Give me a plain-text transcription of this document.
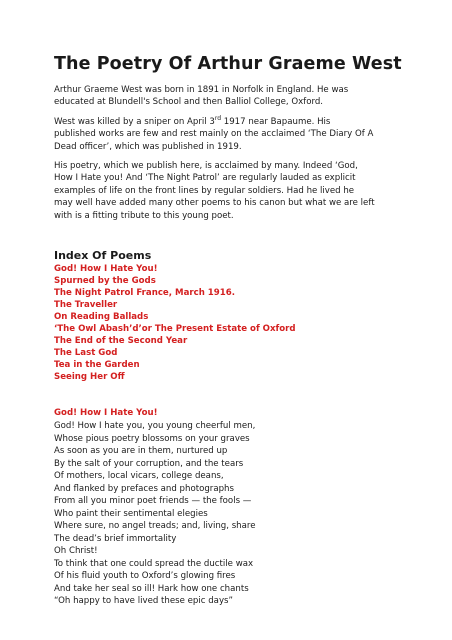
The Poetry Of Arthur Graeme West
Arthur Graeme West was born in 1891 in Norfolk in England. He was
educated at Blundell's School and then Balliol College, Oxford.
West was killed by a sniper on April 3rd 1917 near Bapaume. His
published works are few and rest mainly on the acclaimed ‘The Diary Of A
Dead officer’, which was published in 1919.
His poetry, which we publish here, is acclaimed by many. Indeed ‘God,
How I Hate you! And ‘The Night Patrol’ are regularly lauded as explicit
examples of life on the front lines by regular soldiers. Had he lived he
may well have added many other poems to his canon but what we are left
with is a fitting tribute to this young poet.
Index Of Poems
God! How I Hate You!
Spurned by the Gods
The Night Patrol France, March 1916.
The Traveller
On Reading Ballads
‘The Owl Abash’d’or The Present Estate of Oxford
The End of the Second Year
The Last God
Tea in the Garden
Seeing Her Off
God! How I Hate You!
God! How I hate you, you young cheerful men,
Whose pious poetry blossoms on your graves
As soon as you are in them, nurtured up
By the salt of your corruption, and the tears
Of mothers, local vicars, college deans,
And flanked by prefaces and photographs
From all you minor poet friends — the fools —
Who paint their sentimental elegies
Where sure, no angel treads; and, living, share
The dead’s brief immortality
Oh Christ!
To think that one could spread the ductile wax
Of his fluid youth to Oxford’s glowing fires
And take her seal so ill! Hark how one chants
“Oh happy to have lived these epic days”
